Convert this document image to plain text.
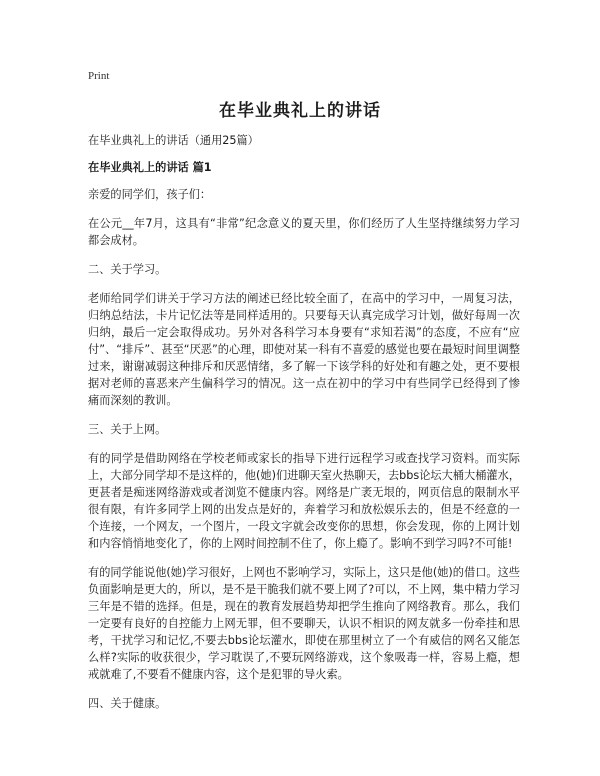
Print
在毕业典礼上的讲话

在毕业典礼上的讲话（通用25篇）

在毕业典礼上的讲话 篇1

亲爱的同学们，孩子们：

在公元__年7月，这具有“非常”纪念意义的夏天里，你们经历了人生坚持继续努力学习都会成材。

二、关于学习。

老师给同学们讲关于学习方法的阐述已经比较全面了，在高中的学习中，一周复习法，归纳总结法，卡片记忆法等是同样适用的。只要每天认真完成学习计划，做好每周一次归纳，最后一定会取得成功。另外对各科学习本身要有“求知若渴”的态度，不应有“应付”、“排斥”、甚至“厌恶”的心理，即使对某一科有不喜爱的感觉也要在最短时间里调整过来，谢谢减弱这种排斥和厌恶情绪，多了解一下该学科的好处和有趣之处，更不要根据对老师的喜恶来产生偏科学习的情况。这一点在初中的学习中有些同学已经得到了惨痛而深刻的教训。

三、关于上网。

有的同学是借助网络在学校老师或家长的指导下进行远程学习或查找学习资料。而实际上，大部分同学却不是这样的，他(她)们进聊天室火热聊天，去bbs论坛大桶大桶灌水，更甚者是痴迷网络游戏或者浏览不健康内容。网络是广袤无垠的，网页信息的限制水平很有限，有许多同学上网的出发点是好的，奔着学习和放松娱乐去的，但是不经意的一个连接，一个网友，一个图片，一段文字就会改变你的思想，你会发现，你的上网计划和内容悄悄地变化了，你的上网时间控制不住了，你上瘾了。影响不到学习吗?不可能!

有的同学能说他(她)学习很好，上网也不影响学习，实际上，这只是他(她)的借口。这些负面影响是更大的，所以，是不是干脆我们就不要上网了?可以，不上网，集中精力学习三年是不错的选择。但是，现在的教育发展趋势却把学生推向了网络教育。那么，我们一定要有良好的自控能力上网无罪，但不要聊天，认识不相识的网友就多一份牵挂和思考，干扰学习和记忆,不要去bbs论坛灌水，即使在那里树立了一个有威信的网名又能怎么样?实际的收获很少，学习耽误了,不要玩网络游戏，这个象吸毒一样，容易上瘾，想戒就难了,不要看不健康内容，这个是犯罪的导火索。

四、关于健康。
